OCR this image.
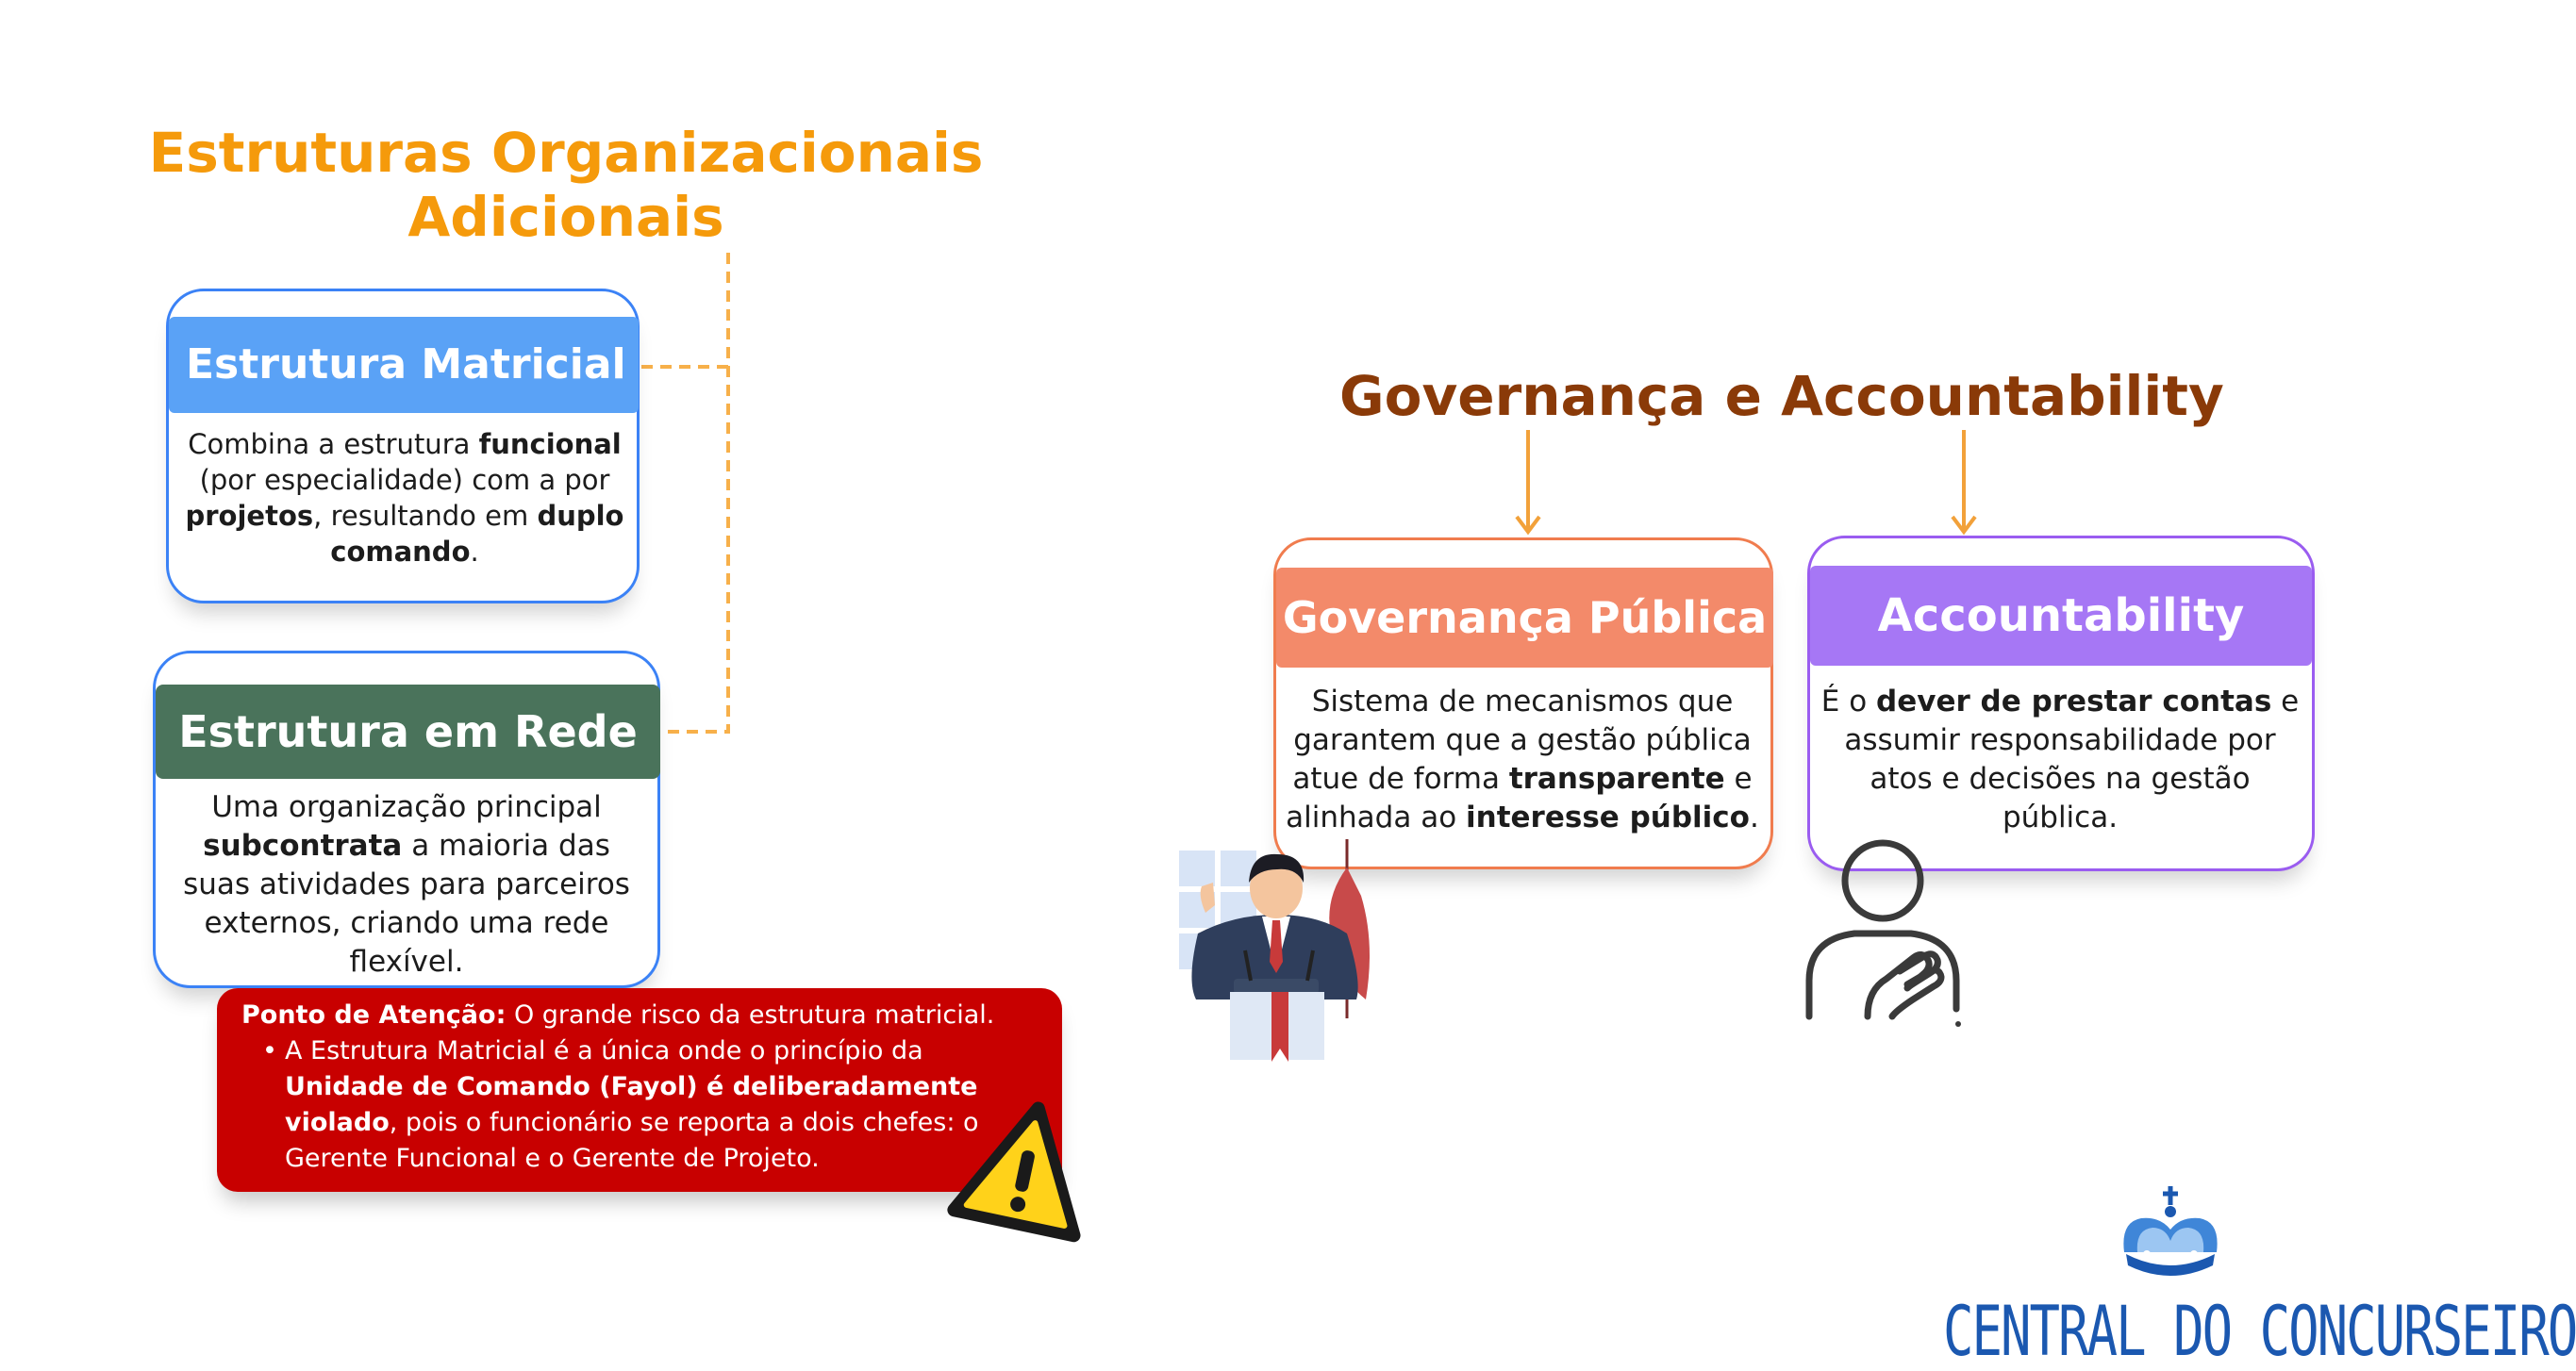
Estruturas Organizacionais
Adicionais
Estrutura Matricial
Combina a estrutura funcional (por especialidade) com a por projetos, resultando em duplo comando.
Estrutura em Rede
Uma organização principal subcontrata a maioria das suas atividades para parceiros externos, criando uma rede flexível.
Ponto de Atenção: O grande risco da estrutura matricial.
• A Estrutura Matricial é a única onde o princípio da Unidade de Comando (Fayol) é deliberadamente violado, pois o funcionário se reporta a dois chefes: o Gerente Funcional e o Gerente de Projeto.
Governança e Accountability
Governança Pública
Sistema de mecanismos que garantem que a gestão pública atue de forma transparente e alinhada ao interesse público.
Accountability
É o dever de prestar contas e assumir responsabilidade por atos e decisões na gestão pública.
CENTRAL DO CONCURSEIRO
